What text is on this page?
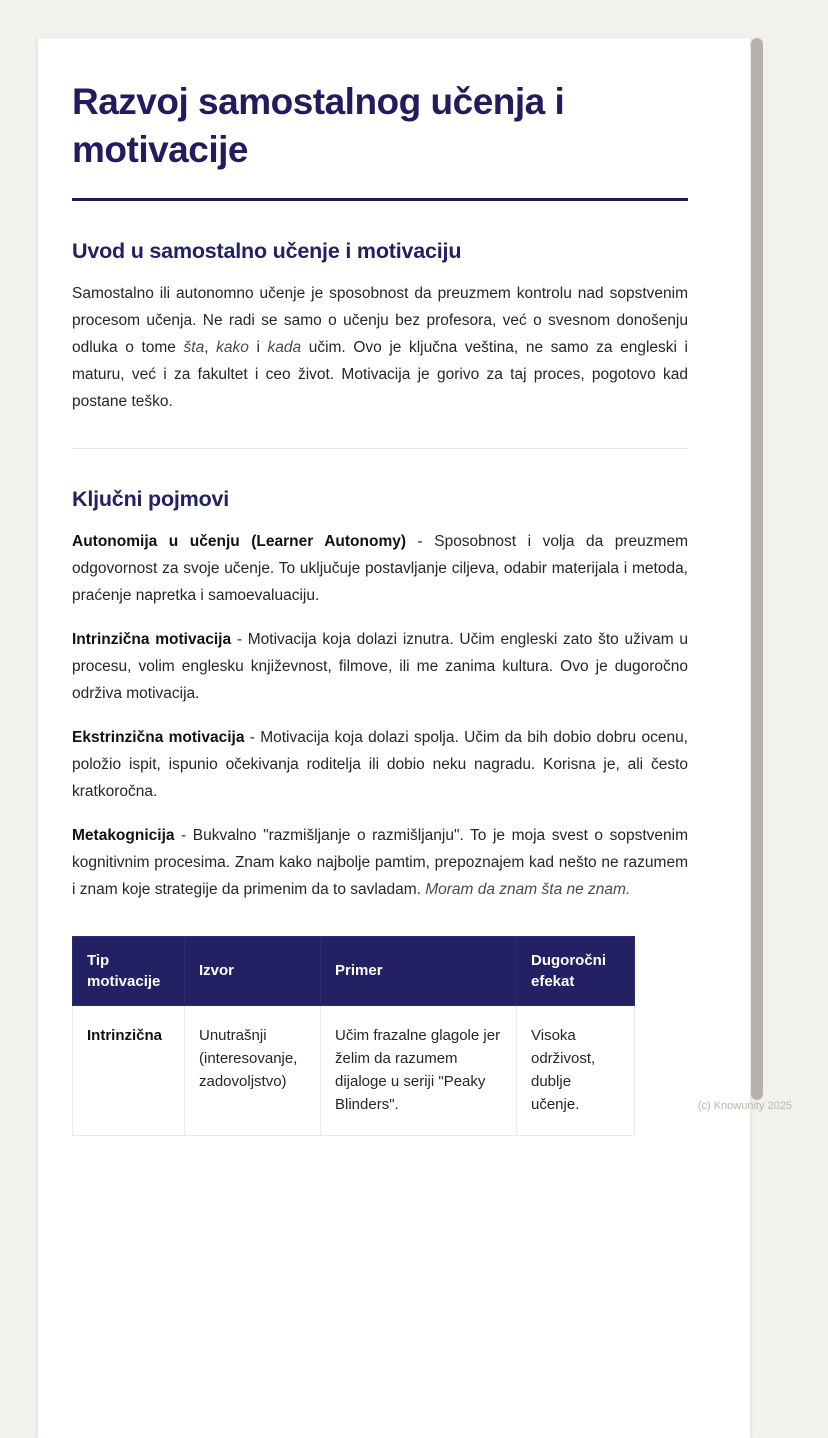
Razvoj samostalnog učenja i motivacije
Uvod u samostalno učenje i motivaciju

Samostalno ili autonomno učenje je sposobnost da preuzmem kontrolu nad sopstvenim procesom učenja. Ne radi se samo o učenju bez profesora, već o svesnom donošenju odluka o tome šta, kako i kada učim. Ovo je ključna veština, ne samo za engleski i maturu, već i za fakultet i ceo život. Motivacija je gorivo za taj proces, pogotovo kad postane teško.

Ključni pojmovi

Autonomija u učenju (Learner Autonomy) - Sposobnost i volja da preuzmem odgovornost za svoje učenje. To uključuje postavljanje ciljeva, odabir materijala i metoda, praćenje napretka i samoevaluaciju.

Intrinzična motivacija - Motivacija koja dolazi iznutra. Učim engleski zato što uživam u procesu, volim englesku književnost, filmove, ili me zanima kultura. Ovo je dugoročno održiva motivacija.

Ekstrinzična motivacija - Motivacija koja dolazi spolja. Učim da bih dobio dobru ocenu, položio ispit, ispunio očekivanja roditelja ili dobio neku nagradu. Korisna je, ali često kratkoročna.

Metakognicija - Bukvalno "razmišljanje o razmišljanju". To je moja svest o sopstvenim kognitivnim procesima. Znam kako najbolje pamtim, prepoznajem kad nešto ne razumem i znam koje strategije da primenim da to savladam. Moram da znam šta ne znam.

Tip motivacije	Izvor	Primer	Dugoročni efekat
Intrinzična	Unutrašnji (interesovanje, zadovoljstvo)	Učim frazalne glagole jer želim da razumem dijaloge u seriji "Peaky Blinders".	Visoka održivost, dublje učenje.	(c) Knowunity 2025
